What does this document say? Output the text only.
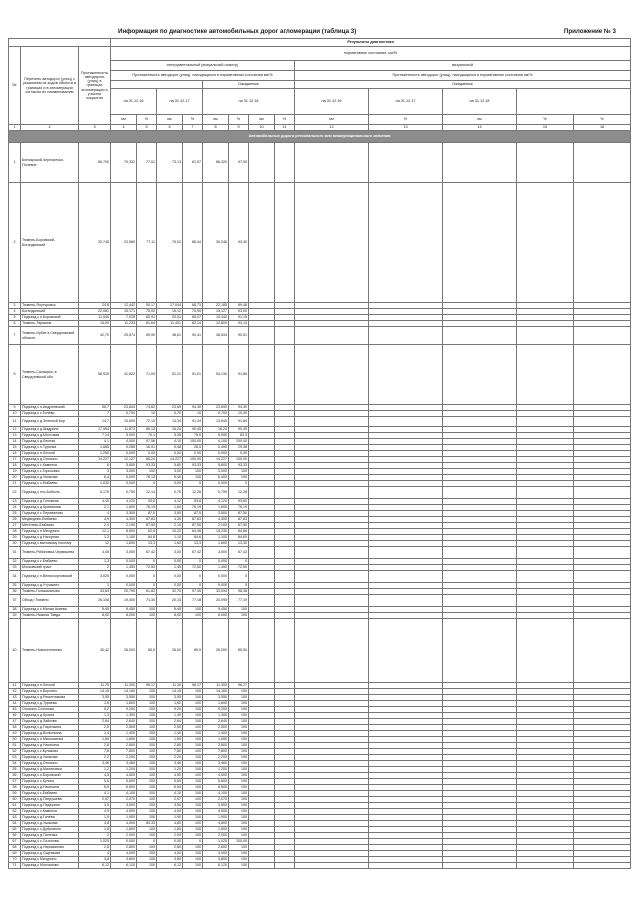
Информация по диагностике автомобильных дорог агломерации (таблица 3)	Приложение № 3
			Результаты диагностики												
№	Перечень автодорог (улиц) с указанием их кодов объекта в границах и в агломерации согласно их наименованию	Протяженность автодороги (улиц) в границах агломерации и участки покрытия	нормативное состояние, км/%												
			инструментальный (визуальный осмотр)								визуальный				
			Протяженность автодорог (улиц), находящихся в нормативном состоянии км/%								Протяженность автодорог (улиц), находящихся в нормативном состоянии км/%				
							Ожидаемое				Ожидаемое				
			на 31.12.16		на 31.12.17		на 31.12.18				на 31.12.16	на 31.12.17	на 31.12.18		
			км	%	км	%	км	%	км	%	км	%	км	%	%
1	2	3	4	5	6	7	8	9	10	11	12	13	14	15	16
Автомобильные дороги регионального или межмуниципального значения															
1	Белоярский-Черноречье-Полевое	66,700	70,332	77,01	73,13	81,57	86,320	97,90							
2	Тюмень-Боровский-Богандинский	32,745	23,589	77,11	75,02	86,44	30,246	93,40							
3	Тюмень-Ялуторовск	24,8	12,442	50,17	17,044	68,73	22,185	89,46							
4	Богандинский	22,081	15,171	75,00	15,12	70,99	15,127	93,00							
5	Подъезд к п.Боровский	11,545	7,028	60,91	20,51	65,07	10,440	91,15							
6	Тюмень-Тарманы	15,00	11,233	81,64	11,401	82,14	12,800	93,10							
7	Тюмень-Ирбит в Свердловской области	42,70	25,574	59,90	38,61	90,41	38,534	90,51							
8	Тюмень-Салаирка, в Свердловской обл.	58,925	41,822	71,09	51,21	91,01	54,130	91,86							
9	Подъезд к п.Андреевский	56,7	23,844	74,62	23,69	94,30	23,690	94,30							
10	Подъезд к с.Гилёво	7	0,700	10	0,70	10	0,700	10,00							
11	Подъезд к д.Зеленый Бор	14,7	10,600	72,10	13,34	91,34	13,540	91,84							
12	Подъезд к д.Шадрина	17,954	11,873	66,13	16,24	90,45	16,24	90,45							
13	Подъезд к д.Мостовая	7,14	5,000	70,1	5,35	75,0	5,950	83,3							
14	Подъезд к д.Лесная	4,1	4,000	97,56	4,10	100,00	4,100	100,00							
15	Подъезд к п.Туринка	1,685	0,285	16,91	0,48	28,5	0,495	29,38							
16	Подъезд к п.Лесной	1,250	0,000	0,00	0,00	0,00	0,000	0,00							
17	Подъезд к д.Онохино	14,227	12,127	85,24	14,227	100,00	14,227	100,00							
18	Подъезд к с.Каменка	6	5,600	93,33	5,60	93,33	5,600	93,33							
19	Подъезд к с.Горьковка	3	3,000	100	3,00	100	3,000	100							
20	Подъезд к д.Ушакова	6,4	5,000	78,13	6,40	100	6,400	100							
21	Подъезд к с.Ембаево	1,032	0,000	0	0,00	0	0,000	0							
22	Подъезд к пос.Бобыль	6,176	0,750	12,14	0,76	12,28	0,759	12,28							
23	Подъезд к д.Головина	4,40	4,120	93,6	4,12	93,6	4,120	93,60							
24	Подъезд к д.Криванова	2,1	1,600	76,19	1,60	76,19	1,600	76,19							
25	Подъезд к с.Перевалово	4	3,500	87,5	3,50	87,5	3,500	87,50							
26	Медведево-Ембаево	4,9	4,300	87,83	4,30	87,83	4,300	87,83							
27	Метелево-Ембаево	2,4	2,100	87,50	2,10	87,50	2,100	87,50							
28	Подъезд к п.Мичурино	12,1	8,500	62,8	10,22	84,46	10,230	84,66							
29	Подъезд к д.Нагорная	1,3	1,100	84,6	1,10	84,6	1,100	84,60							
30	Подъезд к вахтовому поселку	12	1,600	13,3	1,60	13,3	1,600	13,30							
31	Тюмень-Рябиновка-Червишево	4,45	3,000	67,42	3,00	67,42	3,000	67,42							
32	Подъезд к с.Ембаево	1,3	0,000	0	0,00	0	0,000	0							
33	Московский тракт	2	1,450	72,50	1,45	72,50	1,450	72,50							
34	Подъезд к п.Великоорловский	3,025	0,000	0	0,00	0	0,000	0							
35	Подъезд к д.Утушкино	1	0,000	0	0,00	0	0,000	0							
36	Тюмень-Голышманово	33,64	20,790	61,82	32,75	97,35	33,094	98,38							
37	Обход г.Тюмени	26,108	19,400	74,30	20,15	77,18	20,095	77,19							
38	Подъезд к с.Малая Акиева	5,45	5,450	100	5,45	100	5,450	100							
39	Тюмень-Нижняя Тавда	8,00	8,000	100	8,00	100	8,000	100							
40	Тюмень-Новоселезнево	30,42	26,000	85,5	26,00	85,5	26,000	85,50							
41	Подъезд к п.Лесной	11,75	11,300	96,17	11,30	96,17	11,300	96,17							
42	Подъезд к п.Ворсино	14,16	14,160	100	14,16	100	14,160	100							
43	Подъезд к д.Решетникова	3,55	3,550	100	3,55	100	3,550	100							
44	Подъезд к д.Тураева	1,6	1,600	100	1,60	100	1,600	100							
45	Онохино-Созонова	9,2	9,200	100	9,20	100	9,200	100							
46	Подъезд к д.Кулига	1,3	1,300	100	1,30	100	1,300	100							
47	Подъезд к д.Зайкова	2,64	2,640	100	2,64	100	2,640	100							
48	Подъезд к д.Паренкина	2,5	2,500	100	2,50	100	2,500	100							
49	Подъезд к д.Волынкина	1,4	1,400	100	1,40	100	1,400	100							
50	Подъезд к п.Малышенка	1,65	1,650	100	1,65	100	1,650	100							
51	Подъезд к д.Насекина	2,8	2,800	100	2,80	100	2,800	100							
52	Подъезд к с.Кулаково	7,8	7,800	100	7,80	100	7,800	100							
53	Подъезд к д.Ушакова	2,2	2,200	100	2,20	100	2,200	100							
54	Подъезд к д.Онохино	3,46	3,460	100	3,46	100	3,460	100							
55	Подъезд к д.Малиновка	1,2	1,200	100	1,20	100	1,200	100							
56	Подъезд к п.Боровский	4,5	4,500	100	4,50	100	4,500	100							
57	Подъезд к с.Кулига	5,6	5,600	100	5,60	100	5,600	100							
58	Подъезд к д.Насекина	6,5	6,500	100	6,50	100	6,500	100							
59	Подъезд к с.Ембаево	4,1	4,100	100	4,10	100	4,100	100							
60	Подъезд к д.Патрушева	2,07	2,070	100	2,07	100	2,070	100							
61	Подъезд к д.Падерина	3,5	3,500	100	3,50	100	3,500	100							
62	Подъезд к с.Каменка	4,5	4,500	100	4,50	100	4,500	100							
63	Подъезд к д.Гилёва	1,9	1,900	100	1,90	100	1,900	100							
64	Подъезд к д.Ушакова	4,8	4,000	83,33	4,80	100	4,800	100							
65	Подъезд к с.Дубровное	1,8	1,800	100	1,80	100	1,800	100							
66	Подъезд к д.Паленка	2	2,000	100	2,00	100	2,000	100							
67	Подъезд к с.Созонова	1,025	0,000	0	0,00	0	1,025	100,00							
68	Подъезд к д.Нариманово	2,8	2,800	100	2,80	100	2,800	100							
69	Подъезд к д.Ощепкова	4	4,000	100	4,00	100	4,000	100							
70	Подъезд к Мичурино	3,8	3,800	100	3,80	100	3,800	100							
71	Подъезд к Молчаново	6,12	6,120	100	6,12	100	6,120	100							
